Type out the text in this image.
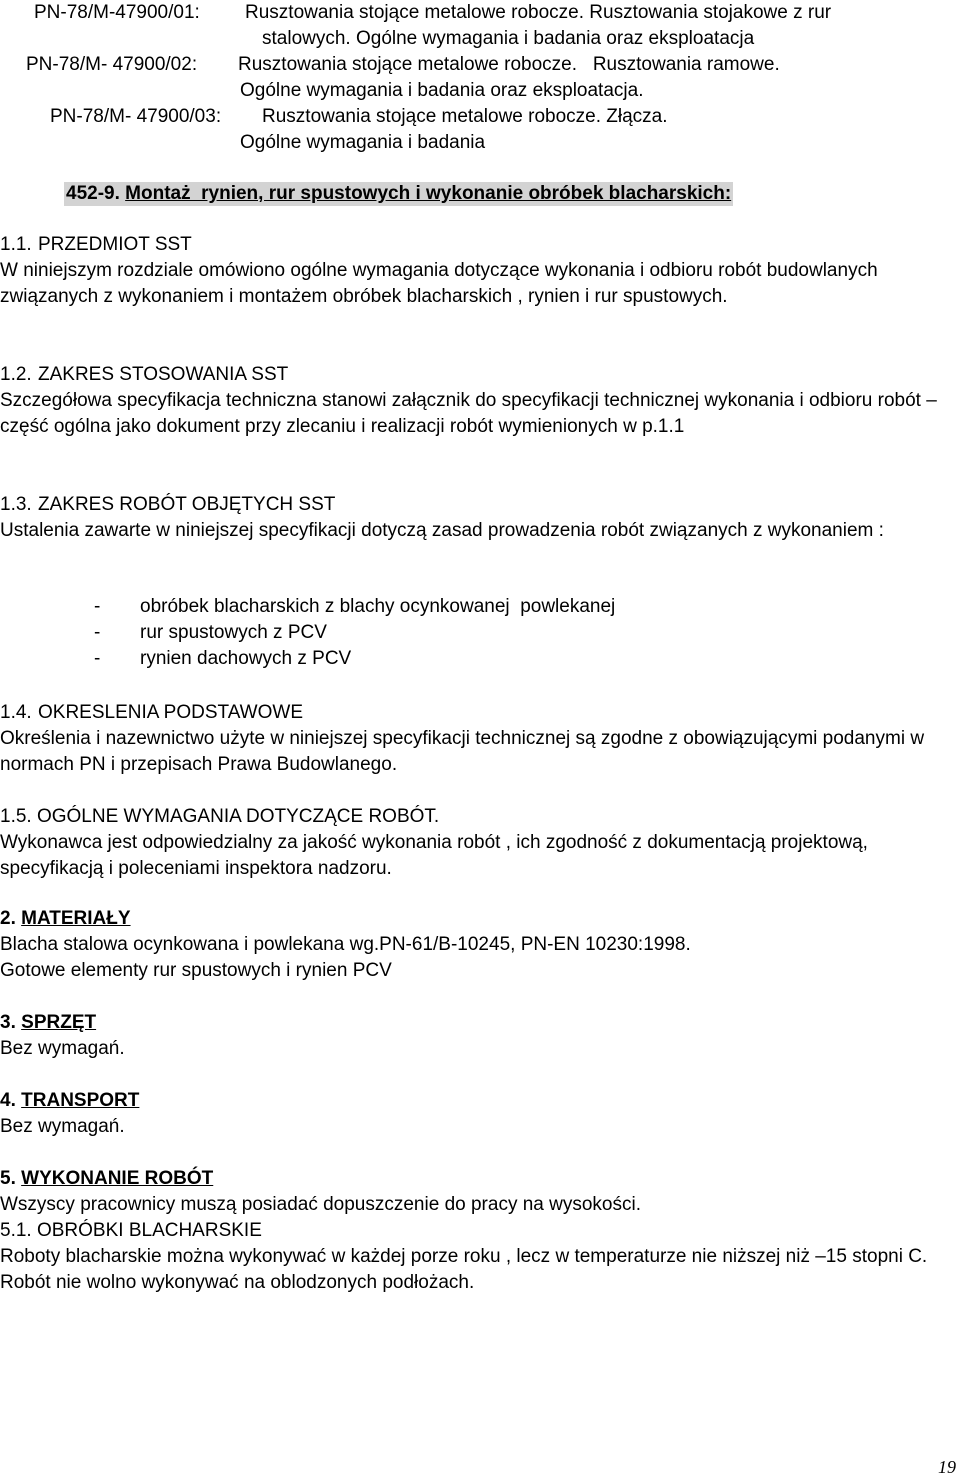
PN-78/M-47900/01: Rusztowania stojące metalowe robocze. Rusztowania stojakowe z rur
stalowych. Ogólne wymagania i badania oraz eksploatacja
PN-78/M- 47900/02: Rusztowania stojące metalowe robocze.   Rusztowania ramowe.
Ogólne wymagania i badania oraz eksploatacja.
PN-78/M- 47900/03: Rusztowania stojące metalowe robocze. Złącza.
Ogólne wymagania i badania
452-9. Montaż  rynien, rur spustowych i wykonanie obróbek blacharskich:

1.1. PRZEDMIOT SST

W niniejszym rozdziale omówiono ogólne wymagania dotyczące wykonania i odbioru robót budowlanych związanych z wykonaniem i montażem obróbek blacharskich , rynien i rur spustowych.

1.2. ZAKRES STOSOWANIA SST

Szczegółowa specyfikacja techniczna stanowi załącznik do specyfikacji technicznej wykonania i odbioru robót – część ogólna jako dokument przy zlecaniu i realizacji robót wymienionych w p.1.1

1.3. ZAKRES ROBÓT OBJĘTYCH SST

Ustalenia zawarte w niniejszej specyfikacji dotyczą zasad prowadzenia robót związanych z wykonaniem :

- obróbek blacharskich z blachy ocynkowanej  powlekanej
- rur spustowych z PCV
- rynien dachowych z PCV

1.4. OKRESLENIA PODSTAWOWE

Określenia i nazewnictwo użyte w niniejszej specyfikacji technicznej są zgodne z obowiązującymi podanymi w normach PN i przepisach Prawa Budowlanego.

1.5. OGÓLNE WYMAGANIA DOTYCZĄCE ROBÓT.

Wykonawca jest odpowiedzialny za jakość wykonania robót , ich zgodność z dokumentacją projektową, specyfikacją i poleceniami inspektora nadzoru.

2. MATERIAŁY

Blacha stalowa ocynkowana i powlekana wg.PN-61/B-10245, PN-EN 10230:1998.

Gotowe elementy rur spustowych i rynien PCV

3. SPRZĘT

Bez wymagań.

4. TRANSPORT

Bez wymagań.

5. WYKONANIE ROBÓT

Wszyscy pracownicy muszą posiadać dopuszczenie do pracy na wysokości.

5.1. OBRÓBKI BLACHARSKIE

Roboty blacharskie można wykonywać w każdej porze roku , lecz w temperaturze nie niższej niż –15 stopni C. Robót nie wolno wykonywać na oblodzonych podłożach.

19
